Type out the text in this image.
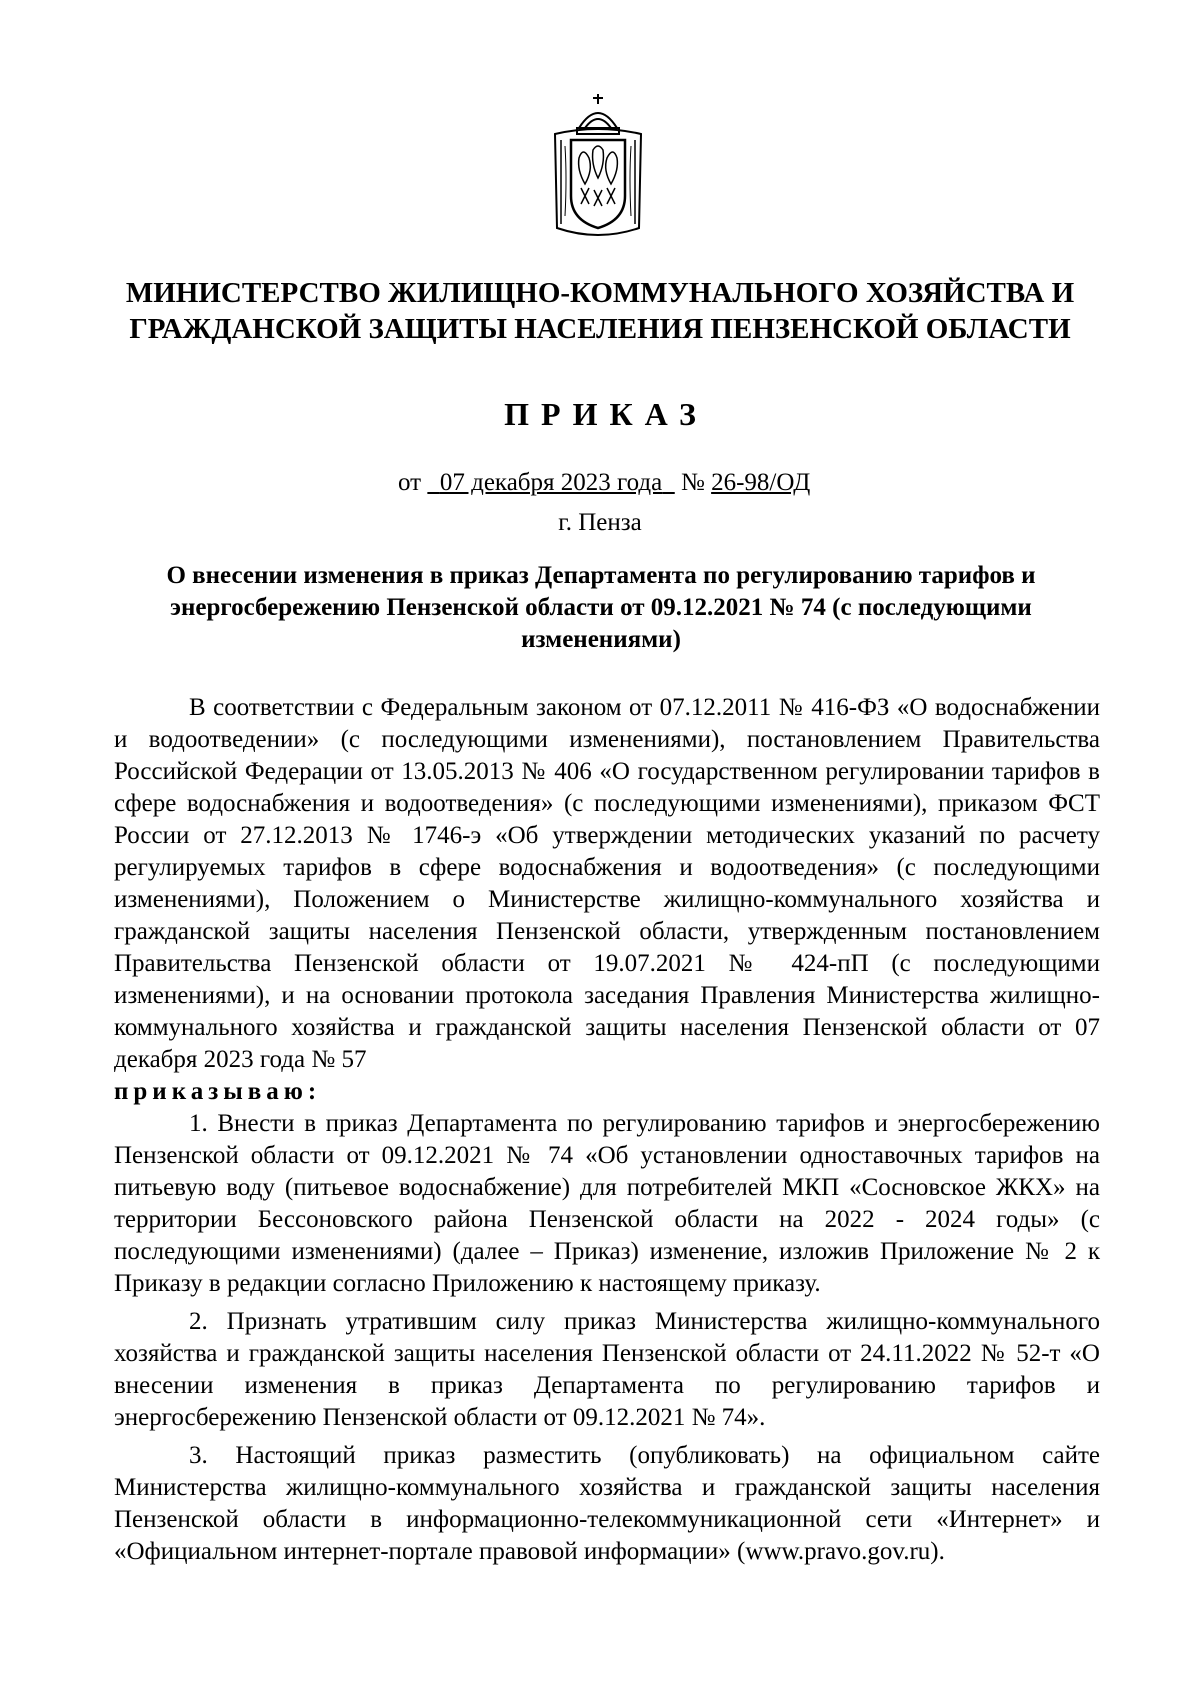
МИНИСТЕРСТВО ЖИЛИЩНО-КОММУНАЛЬНОГО ХОЗЯЙСТВА И
ГРАЖДАНСКОЙ ЗАЩИТЫ НАСЕЛЕНИЯ ПЕНЗЕНСКОЙ ОБЛАСТИ
ПРИКАЗ
от 07 декабря 2023 года № 26-98/ОД
г. Пенза
О внесении изменения в приказ Департамента по регулированию тарифов и энергосбережению Пензенской области от 09.12.2021 № 74 (с последующими изменениями)

В соответствии с Федеральным законом от 07.12.2011 № 416-ФЗ «О водоснабжении и водоотведении» (с последующими изменениями), постановлением Правительства Российской Федерации от 13.05.2013 № 406 «О государственном регулировании тарифов в сфере водоснабжения и водоотведения» (с последующими изменениями), приказом ФСТ России от 27.12.2013 № 1746-э «Об утверждении методических указаний по расчету регулируемых тарифов в сфере водоснабжения и водоотведения» (с последующими изменениями), Положением о Министерстве жилищно-коммунального хозяйства и гражданской защиты населения Пензенской области, утвержденным постановлением Правительства Пензенской области от 19.07.2021 № 424-пП (с последующими изменениями), и на основании протокола заседания Правления Министерства жилищно-коммунального хозяйства и гражданской защиты населения Пензенской области от 07 декабря 2023 года № 57

приказываю:

1. Внести в приказ Департамента по регулированию тарифов и энергосбережению Пензенской области от 09.12.2021 № 74 «Об установлении одноставочных тарифов на питьевую воду (питьевое водоснабжение) для потребителей МКП «Сосновское ЖКХ» на территории Бессоновского района Пензенской области на 2022 - 2024 годы» (с последующими изменениями) (далее – Приказ) изменение, изложив Приложение № 2 к Приказу в редакции согласно Приложению к настоящему приказу.

2. Признать утратившим силу приказ Министерства жилищно-коммунального хозяйства и гражданской защиты населения Пензенской области от 24.11.2022 № 52-т «О внесении изменения в приказ Департамента по регулированию тарифов и энергосбережению Пензенской области от 09.12.2021 № 74».

3. Настоящий приказ разместить (опубликовать) на официальном сайте Министерства жилищно-коммунального хозяйства и гражданской защиты населения Пензенской области в информационно-телекоммуникационной сети «Интернет» и «Официальном интернет-портале правовой информации» (www.pravo.gov.ru).
